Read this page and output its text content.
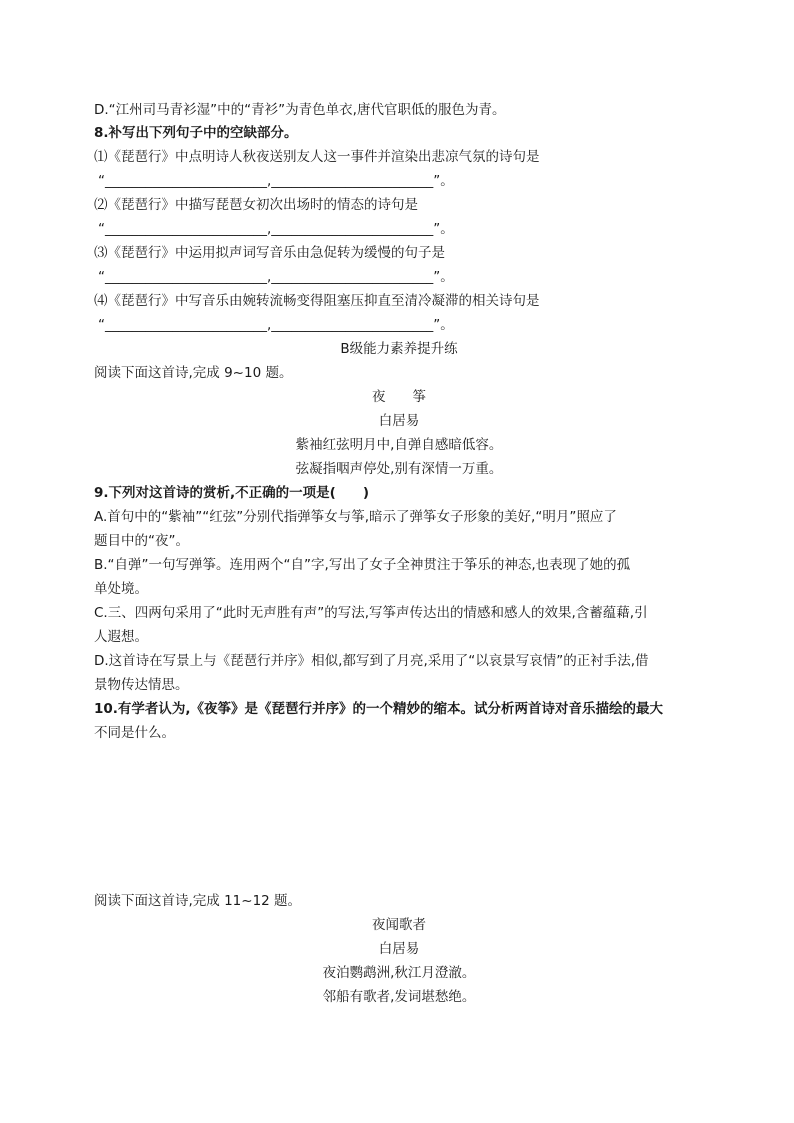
D.“江州司马青衫湿”中的“青衫”为青色单衣,唐代官职低的服色为青。
8.补写出下列句子中的空缺部分。
⑴《琵琶行》中点明诗人秋夜送别友人这一事件并渲染出悲凉气氛的诗句是
“________________________,________________________”。
⑵《琵琶行》中描写琵琶女初次出场时的情态的诗句是
“________________________,________________________”。
⑶《琵琶行》中运用拟声词写音乐由急促转为缓慢的句子是
“________________________,________________________”。
⑷《琵琶行》中写音乐由婉转流畅变得阻塞压抑直至清冷凝滞的相关诗句是
“________________________,________________________”。
B级能力素养提升练
阅读下面这首诗,完成 9~10 题。
夜　　筝
白居易
紫袖红弦明月中,自弹自感暗低容。
弦凝指咽声停处,别有深情一万重。
9.下列对这首诗的赏析,不正确的一项是(　　)
A.首句中的“紫袖”“红弦”分别代指弹筝女与筝,暗示了弹筝女子形象的美好,“明月”照应了
题目中的“夜”。
B.“自弹”一句写弹筝。连用两个“自”字,写出了女子全神贯注于筝乐的神态,也表现了她的孤
单处境。
C.三、四两句采用了“此时无声胜有声”的写法,写筝声传达出的情感和感人的效果,含蓄蕴藉,引
人遐想。
D.这首诗在写景上与《琵琶行并序》相似,都写到了月亮,采用了“以哀景写哀情”的正衬手法,借
景物传达情思。
10.有学者认为,《夜筝》是《琵琶行并序》的一个精妙的缩本。试分析两首诗对音乐描绘的最大
不同是什么。
阅读下面这首诗,完成 11~12 题。
夜闻歌者
白居易
夜泊鹦鹉洲,秋江月澄澈。
邻船有歌者,发词堪愁绝。
